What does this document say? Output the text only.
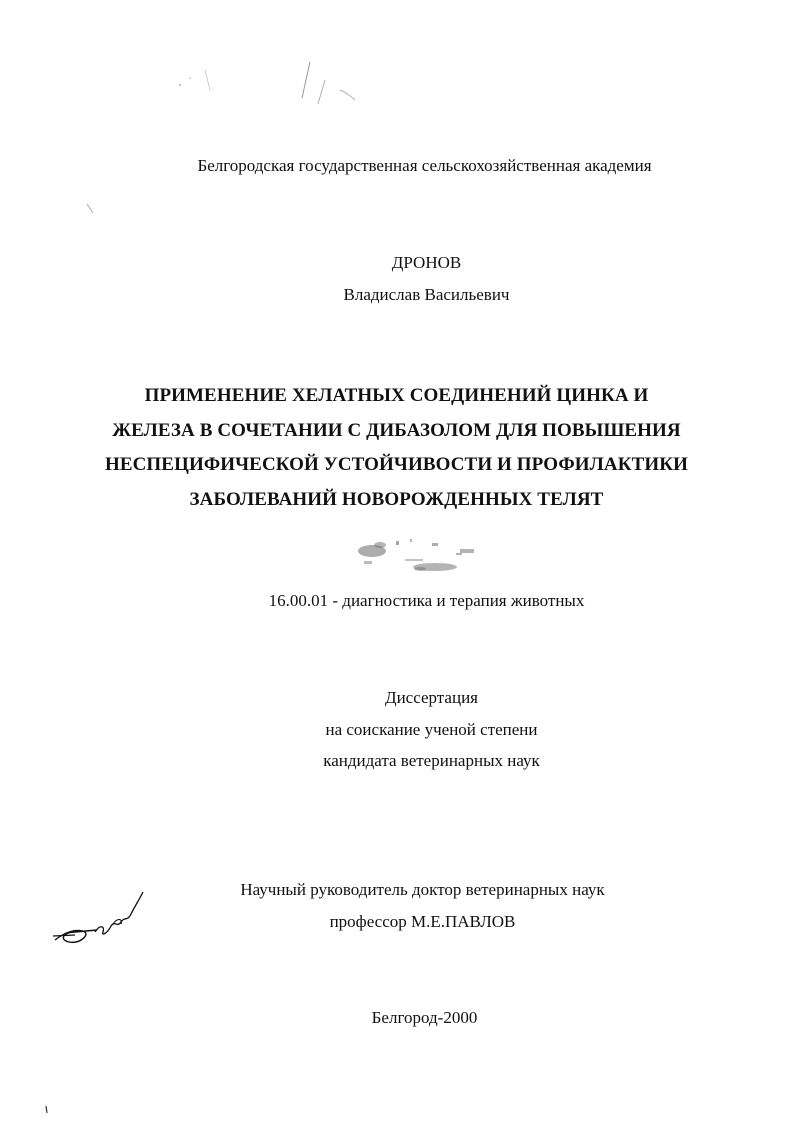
Белгородская государственная сельскохозяйственная академия
ДРОНОВ
Владислав Васильевич
ПРИМЕНЕНИЕ ХЕЛАТНЫХ СОЕДИНЕНИЙ ЦИНКА И
ЖЕЛЕЗА В СОЧЕТАНИИ С ДИБАЗОЛОМ ДЛЯ ПОВЫШЕНИЯ
НЕСПЕЦИФИЧЕСКОЙ УСТОЙЧИВОСТИ И ПРОФИЛАКТИКИ
ЗАБОЛЕВАНИЙ НОВОРОЖДЕННЫХ ТЕЛЯТ
16.00.01 - диагностика и терапия животных
Диссертация
на соискание ученой степени
кандидата ветеринарных наук
Научный руководитель доктор ветеринарных наук
профессор М.Е.ПАВЛОВ
Белгород-2000
